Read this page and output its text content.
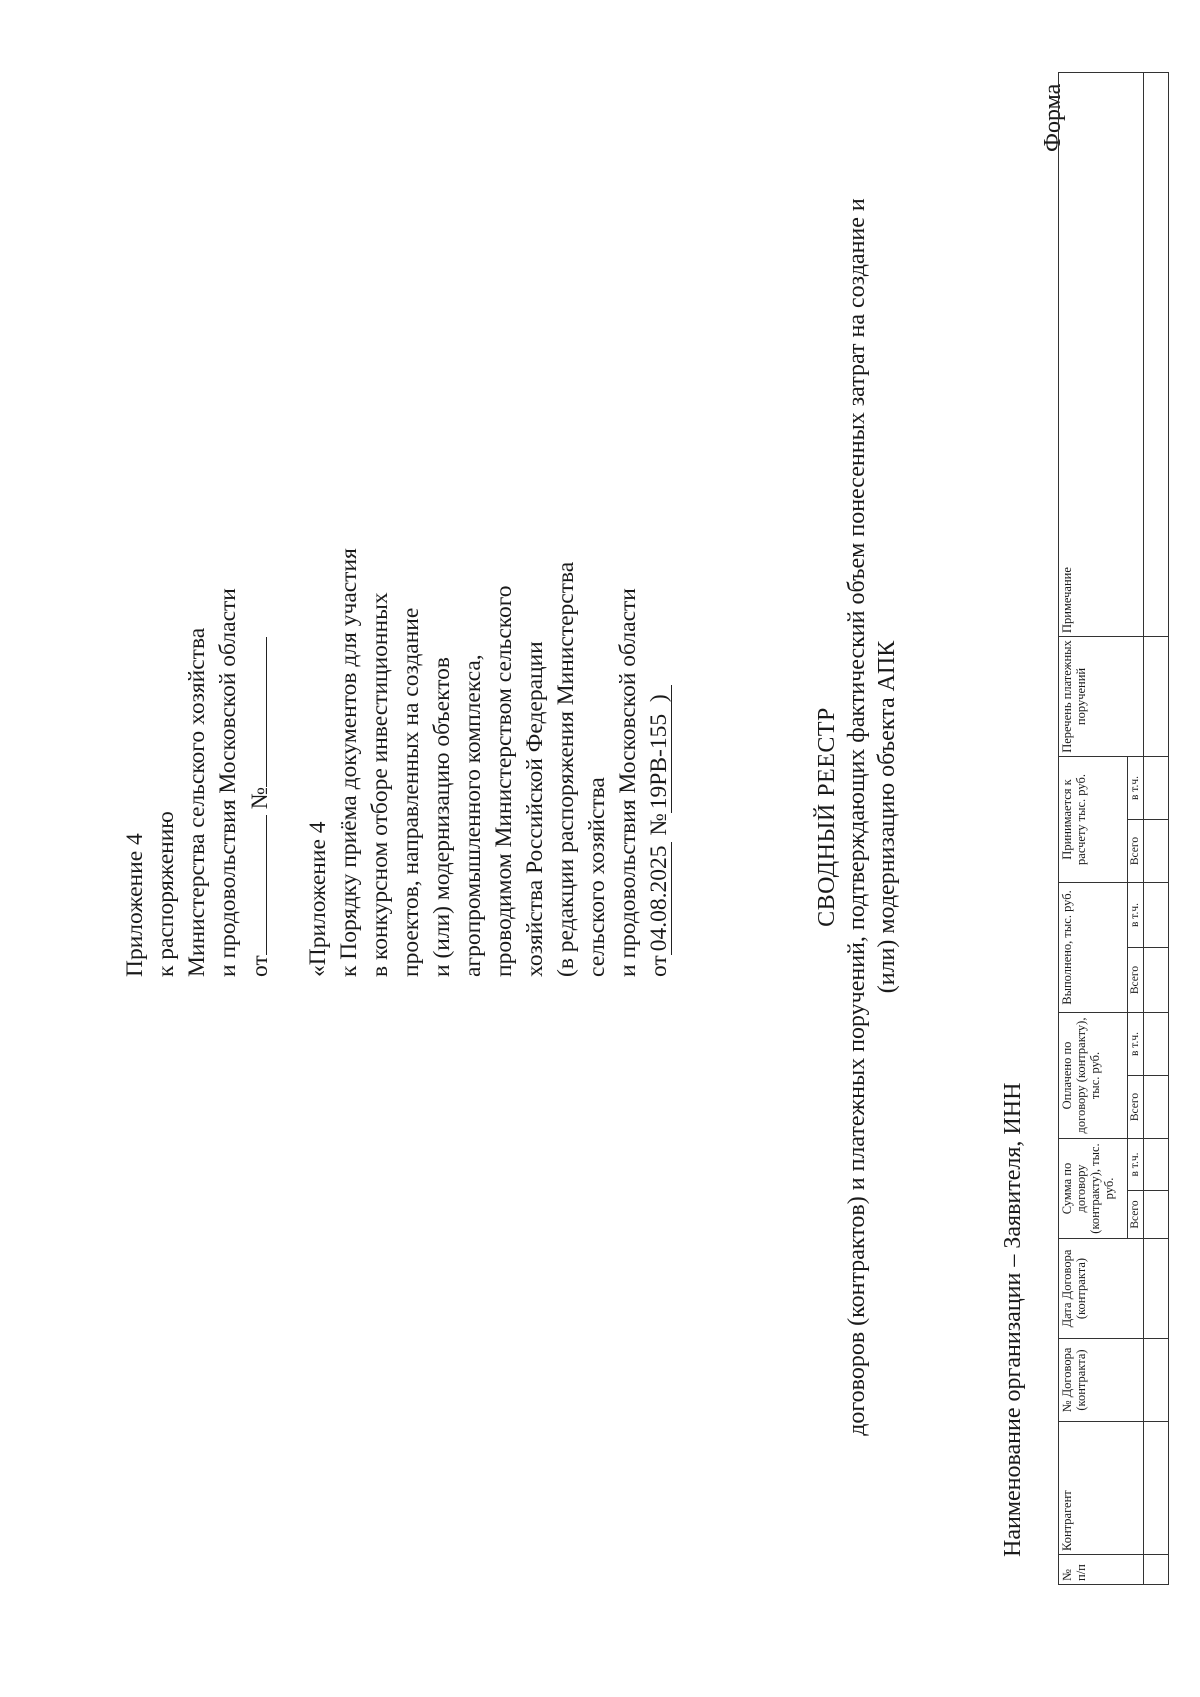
Приложение 4 к распоряжению Министерства сельского хозяйства и продовольствия Московской области от №
«Приложение 4 к Порядку приёма документов для участия в конкурсном отборе инвестиционных проектов, направленных на создание и (или) модернизацию объектов агропромышленного комплекса, проводимом Министерством сельского хозяйства Российской Федерации (в редакции распоряжения Министерства сельского хозяйства и продовольствия Московской области от04.08.2025 №19РВ-155  )
Форма
СВОДНЫЙ РЕЕСТР договоров (контрактов) и платежных поручений, подтверждающих фактический объем понесенных затрат на создание и (или) модернизацию объекта АПК
Наименование организации – Заявителя, ИНН
№ п/п	Контрагент	№ Договора (контракта)	Дата Договора (контракта)	Сумма по договору (контракту), тыс. руб.		Оплачено по договору (контракту), тыс. руб.		Выполнено, тыс. руб.		Принимается к расчету тыс. руб.		Перечень платежных поручений	Примечание
				Всего	в т.ч.	Всего	в т.ч.	Всего	в т.ч.	Всего	в т.ч.		
